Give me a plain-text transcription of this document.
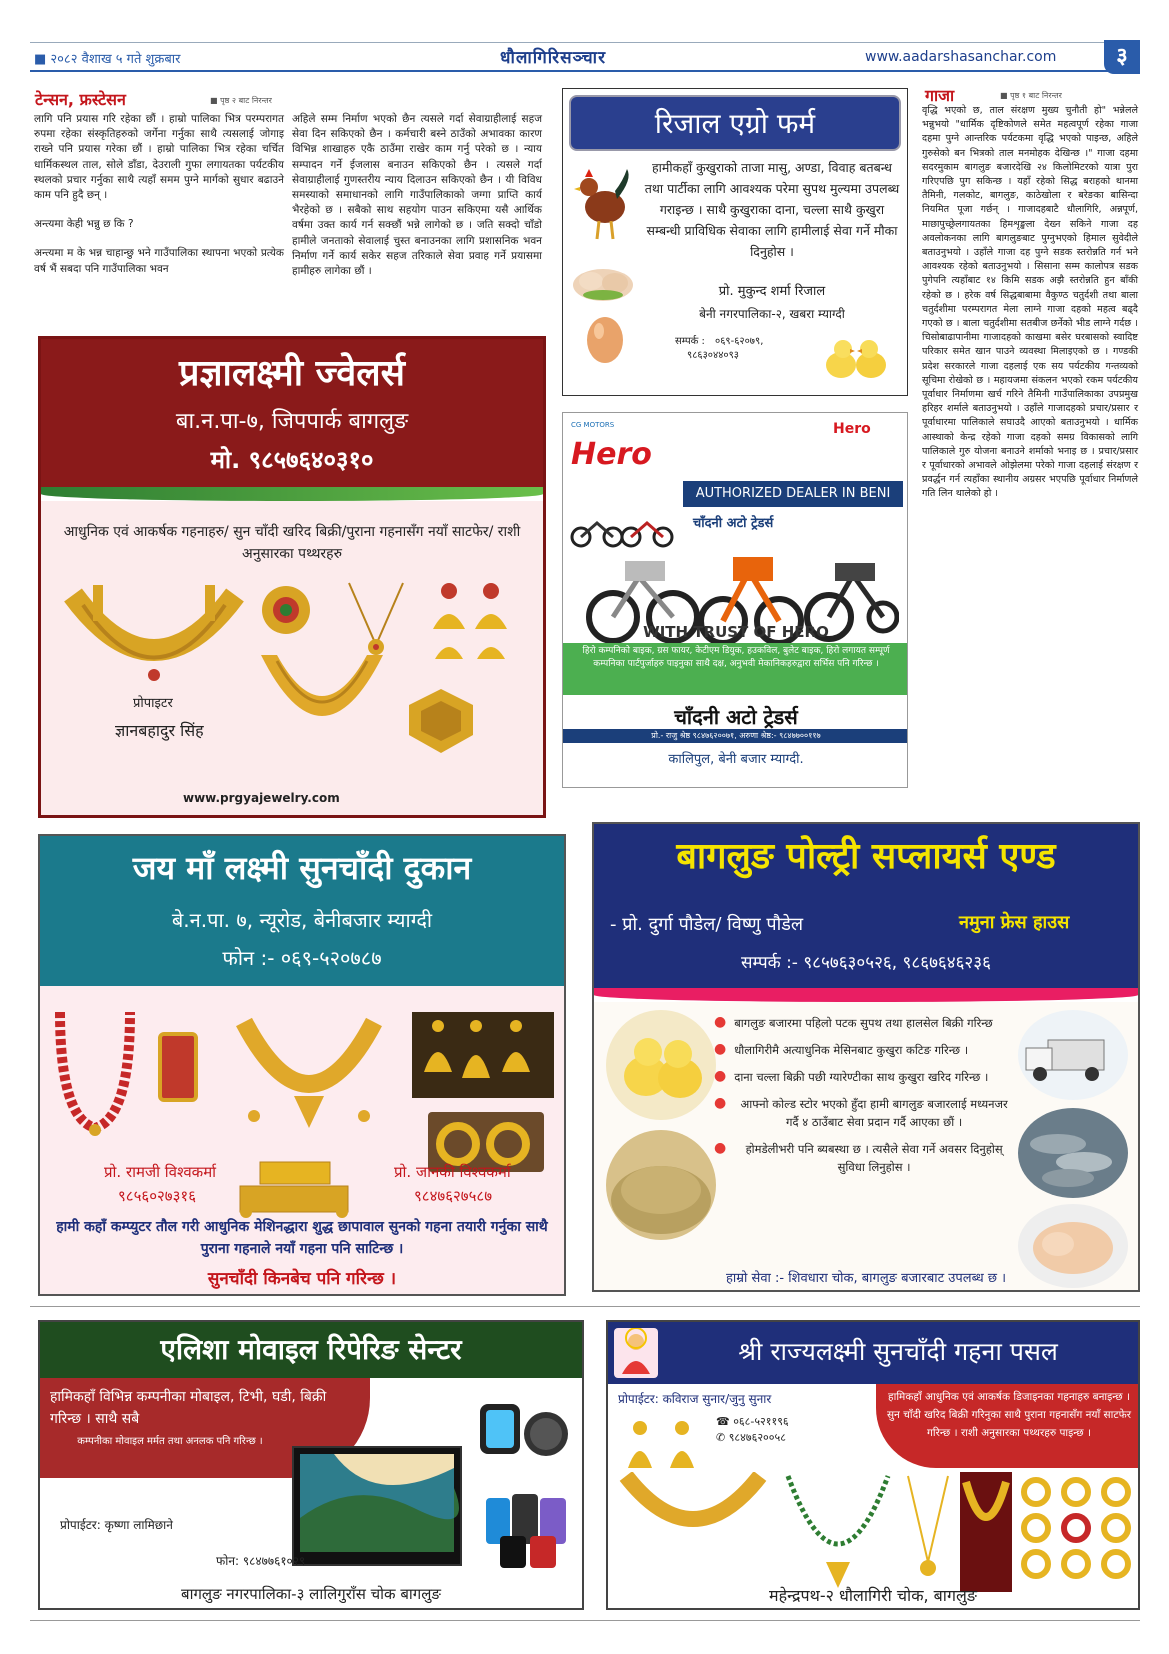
■ २०८२ वैशाख ५ गते शुक्रबार	धौलागिरिसञ्चार	www.aadarshasanchar.com	३
टेन्सन, फ्रस्टेसन	■ पृष्ठ २ बाट निरन्तर

लागि पनि प्रयास गरि रहेका छौं । हाम्रो पालिका भित्र परम्परागत रुपमा रहेका संस्कृतिहरुको जर्गेना गर्नुका साथै त्यसलाई जोगाइ राख्ने पनि प्रयास गरेका छौं । हाम्रो पालिका भित्र रहेका चर्चित धार्मिकस्थल ताल, सोले डाँडा, देउराली गुफा लगायतका पर्यटकीय स्थलको प्रचार गर्नुका साथै त्यहाँ समम पुग्ने मार्गको सुधार बढाउने काम पनि हुदै छन् ।

अन्त्यमा केही भन्नु छ कि ?

अन्त्यमा म के भन्न चाहान्छु भने गाउँपालिका स्थापना भएको प्रत्येक वर्ष भैं सबदा पनि गाउँपालिका भवन

अहिले सम्म निर्माण भएको छैन त्यसले गर्दा सेवाग्राहीलाई सहज सेवा दिन सकिएको छैन । कर्मचारी बस्ने ठाउँको अभावका कारण विभिन्न शाखाहरु एकै ठाउँमा राखेर काम गर्नु परेको छ । न्याय सम्पादन गर्ने ईजलास बनाउन सकिएको छैन । त्यसले गर्दा सेवाग्राहीलाई गुणस्तरीय न्याय दिलाउन सकिएको छैन । यी विविध समस्याको समाधानको लागि गाउँपालिकाको जग्गा प्राप्ति कार्य भैरहेको छ । सबैको साथ सहयोग पाउन सकिएमा यसै आर्थिक वर्षमा उक्त कार्य गर्न सक्छौं भन्ने लागेको छ । जति सक्दो चाँडो हामीले जनताको सेवालाई चुस्त बनाउनका लागि प्रशासनिक भवन निर्माण गर्ने कार्य सकेर सहज तरिकाले सेवा प्रवाह गर्ने प्रयासमा हामीहरु लागेका छौं ।

गाजा	■ पृष्ठ १ बाट निरन्तर
वृद्धि भएको छ, ताल संरक्षण मुख्य चुनौती हो" भन्नेलले भन्नुभयो "धार्मिक दृष्टिकोणले समेत महत्वपूर्ण रहेका गाजा दहमा पुग्ने आन्तरिक पर्यटकमा वृद्धि भएको पाइन्छ, अहिले गुरुसेको बन भित्रको ताल मनमोहक देखिन्छ ।" गाजा दहमा सदरमुकाम बागलुङ बजारदेखि २४ किलोमिटरको यात्रा पुरा गरिएपछि पुग सकिन्छ । यहाँ रहेको सिद्ध बराहको थानमा तैमिनी, गलकोट, बागलुङ, काठेखोला र बरेङका बासिन्दा नियमित पूजा गर्छन् । गाजादहबाटै धौलागिरि, अन्नपूर्ण, माछापुच्छ्रेलगायतका हिमशृङ्खला देख्न सकिने गाजा दह अवलोकनका लागि बागलुङबाट पुग्नुभएको हिमाल सुवेदीले बताउनुभयो । उहाँले गाजा दह पुग्ने सडक स्तरोन्नति गर्न भने आवश्यक रहेको बताउनुभयो । सिसाना सम्म कालोपत्र सडक पुगेपनि त्यहाँबाट १४ किमि सडक अझै स्तरोन्नति हुन बाँकी रहेको छ । हरेक वर्ष सिद्धबाबामा वैकुण्ठ चतुर्दशी तथा बाला चतुर्दशीमा परम्परागत मेला लाग्ने गाजा दहको महत्व बढ्दै गएको छ । बाला चतुर्दशीमा सतबीज छर्नेको भीड लाग्ने गर्दछ । चिसोबाढापानीमा गाजादहको काखमा बसेर घरबासको स्वादिष्ट परिकार समेत खान पाउने व्यवस्था मिलाइएको छ । गण्डकी प्रदेश सरकारले गाजा दहलाई एक सय पर्यटकीय गन्तव्यको सूचिमा रोखेको छ । महायजमा संकलन भएको रकम पर्यटकीय पूर्वाधार निर्माणमा खर्च गरिने तैमिनी गाउँपालिकाका उपप्रमुख हरिहर शर्माले बताउनुभयो । उहाँले गाजादहको प्रचार/प्रसार र पूर्वाधारमा पालिकाले सघाउदै आएको बताउनुभयो । धार्मिक आस्थाको केन्द्र रहेको गाजा दहको समग्र विकासको लागि पालिकाले गुरु योजना बनाउने शर्माको भनाइ छ । प्रचार/प्रसार र पूर्वाधारको अभावले ओझेलमा परेको गाजा दहलाई संरक्षण र प्रवर्द्धन गर्न त्यहाँका स्थानीय अग्रसर भएपछि पूर्वाधार निर्माणले गति लिन थालेको हो ।
रिजाल एग्रो फर्म
हामीकहाँ कुखुराको ताजा मासु, अण्डा, विवाह बतबन्ध तथा पार्टीका लागि आवश्यक परेमा सुपथ मुल्यमा उपलब्ध गराइन्छ । साथै कुखुराका दाना, चल्ला साथै कुखुरा सम्बन्धी प्राविधिक सेवाका लागि हामीलाई सेवा गर्ने मौका दिनुहोस ।
प्रो. मुकुन्द शर्मा रिजाल
बेनी नगरपालिका-२, खबरा म्याग्दी
सम्पर्क : ०६९-६२०७९,
९८६३०४४०९३
प्रज्ञालक्ष्मी ज्वेलर्स
बा.न.पा-७, जिपपार्क बागलुङ
मो. ९८५७६४०३१०
आधुनिक एवं आकर्षक गहनाहरु/ सुन चाँदी खरिद बिक्री/पुराना गहनासँग नयाँ साटफेर/ राशी अनुसारका पथ्थरहरु
प्रोपाइटर
ज्ञानबहादुर सिंह
www.prgyajewelry.com
CG MOTORS	Hero
Hero
AUTHORIZED DEALER IN BENI
चाँदनी अटो ट्रेडर्स
WITH TRUST OF HERO
हिरो कम्पनिको बाइक, ग्रस फायर, केटीएम डियुक, हउकविल, बुलेट बाइक, हिरो लगायत सम्पूर्ण कम्पनिका पार्टपुर्जाहरु पाइनुका साथै दक्ष, अनुभवी मेकानिकहरुद्वारा सर्भिस पनि गरिन्छ ।
चाँदनी अटो ट्रेडर्स
प्रो.- राजु श्रेष्ठ ९८४७६२००७१, अरुणा श्रेष्ठ:- ९८४७७००११७
कालिपुल, बेनी बजार म्याग्दी.
जय माँ लक्ष्मी सुनचाँदी दुकान
बे.न.पा. ७, न्यूरोड, बेनीबजार म्याग्दी
फोन :- ०६९-५२०७८७
प्रो. रामजी विश्वकर्मा
९८५६०२७३१६
प्रो. जानकी विश्वकर्मा
९८४७६२७५८७
हामी कहाँ कम्प्युटर तौल गरी आधुनिक मेशिनद्धारा शुद्ध छापावाल सुनको गहना तयारी गर्नुका साथै पुराना गहनाले नयाँ गहना पनि साटिन्छ ।
सुनचाँदी किनबेच पनि गरिन्छ ।
बागलुङ पोल्ट्री सप्लायर्स एण्ड
- प्रो. दुर्गा पौडेल/ विष्णु पौडेल	नमुना फ्रेस हाउस
सम्पर्क :- ९८५७६३०५२६, ९८६७६४६२३६
● बागलुङ बजारमा पहिलो पटक सुपथ तथा हालसेल बिक्री गरिन्छ
● धौलागिरीमै अत्याधुनिक मेसिनबाट कुखुरा कटिङ गरिन्छ ।
● दाना चल्ला बिक्री पछी ग्यारेण्टीका साथ कुखुरा खरिद गरिन्छ ।
●	आफ्नो कोल्ड स्टोर भएको हुँदा हामी बागलुङ बजारलाई मध्यनजर गर्दै ४ ठाउँबाट सेवा प्रदान गर्दै आएका छौं ।
●	होमडेलीभरी पनि ब्यबस्था छ । त्यसैले सेवा गर्ने अवसर दिनुहोस् सुविधा लिनुहोस ।
हाम्रो सेवा :- शिवधारा चोक, बागलुङ बजारबाट उपलब्ध छ ।
एलिशा मोवाइल रिपेरिङ सेन्टर
हामिकहाँ विभिन्न कम्पनीका मोबाइल, टिभी, घडी, बिक्री गरिन्छ । साथै सबै
कम्पनीका मोवाइल मर्मत तथा अनलक पनि गरिन्छ ।
प्रोपाईटर: कृष्णा लामिछाने
फोन: ९८४७७६१०२९
बागलुङ नगरपालिका-३ लालिगुराँस चोक बागलुङ
श्री राज्यलक्ष्मी सुनचाँदी गहना पसल
प्रोपाईटर: कविराज सुनार/जुनु सुनार
☎ ०६८-५२११९६
✆ ९८४७६२००५८
हामिकहाँ आधुनिक एवं आकर्षक डिजाइनका गहनाहरु बनाइन्छ । सुन चाँदी खरिद बिक्री गरिनुका साथै पुराना गहनासँग नयाँ साटफेर गरिन्छ । राशी अनुसारका पथ्थरहरु पाइन्छ ।
महेन्द्रपथ-२ धौलागिरी चोक, बागलुङ
